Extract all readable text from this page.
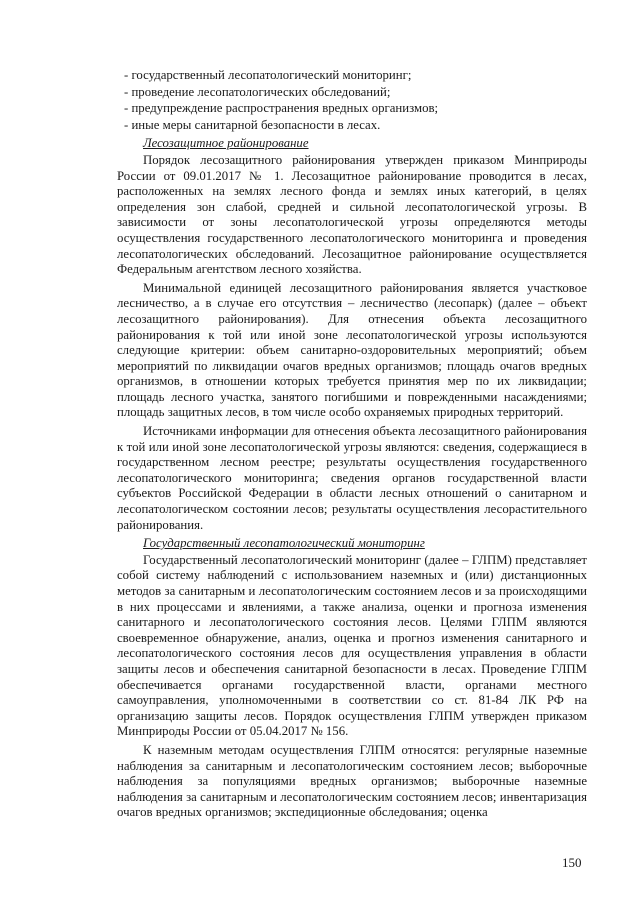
- государственный лесопатологический мониторинг;
- проведение лесопатологических обследований;
- предупреждение распространения вредных организмов;
- иные меры санитарной безопасности в лесах.
Лесозащитное районирование

Порядок лесозащитного районирования утвержден приказом Минприроды России от 09.01.2017 № 1. Лесозащитное районирование проводится в лесах, расположенных на землях лесного фонда и землях иных категорий, в целях определения зон слабой, средней и сильной лесопатологической угрозы. В зависимости от зоны лесопатологической угрозы определяются методы осуществления государственного лесопатологического мониторинга и проведения лесопатологических обследований. Лесозащитное районирование осуществляется Федеральным агентством лесного хозяйства.

Минимальной единицей лесозащитного районирования является участковое лесничество, а в случае его отсутствия – лесничество (лесопарк) (далее – объект лесозащитного районирования). Для отнесения объекта лесозащитного районирования к той или иной зоне лесопатологической угрозы используются следующие критерии: объем санитарно-оздоровительных мероприятий; объем мероприятий по ликвидации очагов вредных организмов; площадь очагов вредных организмов, в отношении которых требуется принятия мер по их ликвидации; площадь лесного участка, занятого погибшими и поврежденными насаждениями; площадь защитных лесов, в том числе особо охраняемых природных территорий.

Источниками информации для отнесения объекта лесозащитного районирования к той или иной зоне лесопатологической угрозы являются: сведения, содержащиеся в государственном лесном реестре; результаты осуществления государственного лесопатологического мониторинга; сведения органов государственной власти субъектов Российской Федерации в области лесных отношений о санитарном и лесопатологическом состоянии лесов; результаты осуществления лесорастительного районирования.

Государственный лесопатологический мониторинг

Государственный лесопатологический мониторинг (далее – ГЛПМ) представляет собой систему наблюдений с использованием наземных и (или) дистанционных методов за санитарным и лесопатологическим состоянием лесов и за происходящими в них процессами и явлениями, а также анализа, оценки и прогноза изменения санитарного и лесопатологического состояния лесов. Целями ГЛПМ являются своевременное обнаружение, анализ, оценка и прогноз изменения санитарного и лесопатологического состояния лесов для осуществления управления в области защиты лесов и обеспечения санитарной безопасности в лесах. Проведение ГЛПМ обеспечивается органами государственной власти, органами местного самоуправления, уполномоченными в соответствии со ст. 81-84 ЛК РФ на организацию защиты лесов. Порядок осуществления ГЛПМ утвержден приказом Минприроды России от 05.04.2017 № 156.

К наземным методам осуществления ГЛПМ относятся: регулярные наземные наблюдения за санитарным и лесопатологическим состоянием лесов; выборочные наблюдения за популяциями вредных организмов; выборочные наземные наблюдения за санитарным и лесопатологическим состоянием лесов; инвентаризация очагов вредных организмов; экспедиционные обследования; оценка

150
